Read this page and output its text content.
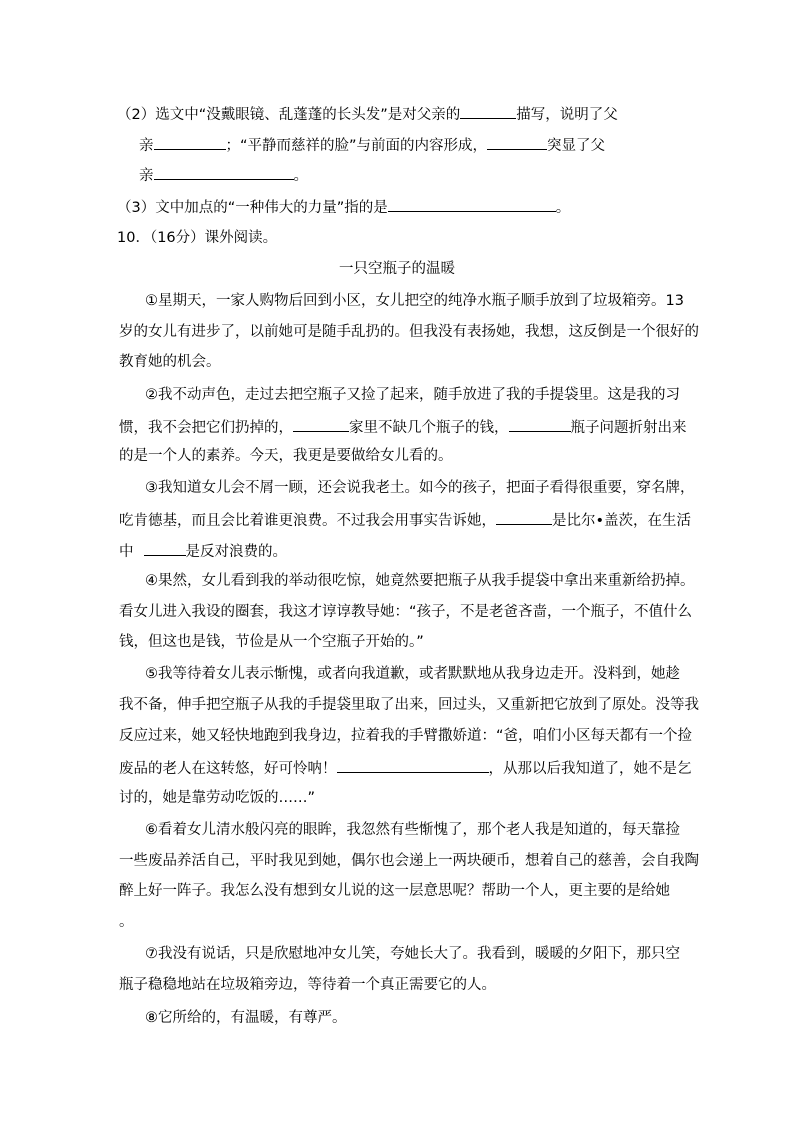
（2）选文中“没戴眼镜、乱蓬蓬的长头发”是对父亲的	描写，说明了父
亲	；“平静而慈祥的脸”与前面的内容形成，	突显了父
亲	。
（3）文中加点的“一种伟大的力量”指的是	。
10．（16分）课外阅读。
一只空瓶子的温暖
①星期天，一家人购物后回到小区，女儿把空的纯净水瓶子顺手放到了垃圾箱旁。13
岁的女儿有进步了，以前她可是随手乱扔的。但我没有表扬她，我想，这反倒是一个很好的
教育她的机会。
②我不动声色，走过去把空瓶子又捡了起来，随手放进了我的手提袋里。这是我的习
惯，我不会把它们扔掉的，	家里不缺几个瓶子的钱，	瓶子问题折射出来
的是一个人的素养。今天，我更是要做给女儿看的。
③我知道女儿会不屑一顾，还会说我老土。如今的孩子，把面子看得很重要，穿名牌，
吃肯德基，而且会比着谁更浪费。不过我会用事实告诉她，	是比尔•盖茨，在生活
中	是反对浪费的。
④果然，女儿看到我的举动很吃惊，她竟然要把瓶子从我手提袋中拿出来重新给扔掉。
看女儿进入我设的圈套，我这才谆谆教导她：“孩子，不是老爸吝啬，一个瓶子，不值什么
钱，但这也是钱，节俭是从一个空瓶子开始的。”
⑤我等待着女儿表示惭愧，或者向我道歉，或者默默地从我身边走开。没料到，她趁
我不备，伸手把空瓶子从我的手提袋里取了出来，回过头，又重新把它放到了原处。没等我
反应过来，她又轻快地跑到我身边，拉着我的手臂撒娇道：“爸，咱们小区每天都有一个捡
废品的老人在这转悠，好可怜呐！	，从那以后我知道了，她不是乞
讨的，她是靠劳动吃饭的……”
⑥看着女儿清水般闪亮的眼眸，我忽然有些惭愧了，那个老人我是知道的，每天靠捡
一些废品养活自己，平时我见到她，偶尔也会递上一两块硬币，想着自己的慈善，会自我陶
醉上好一阵子。我怎么没有想到女儿说的这一层意思呢？帮助一个人，更主要的是给她
。
⑦我没有说话，只是欣慰地冲女儿笑，夸她长大了。我看到，暖暖的夕阳下，那只空
瓶子稳稳地站在垃圾箱旁边，等待着一个真正需要它的人。
⑧它所给的，有温暖，有尊严。
